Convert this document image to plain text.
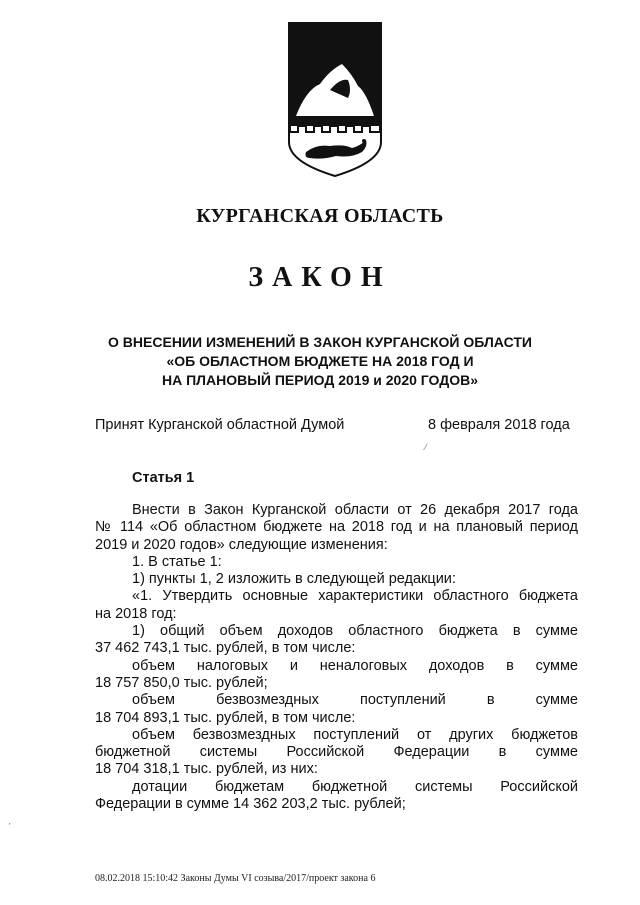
КУРГАНСКАЯ ОБЛАСТЬ
ЗАКОН
О ВНЕСЕНИИ ИЗМЕНЕНИЙ В ЗАКОН КУРГАНСКОЙ ОБЛАСТИ
«ОБ ОБЛАСТНОМ БЮДЖЕТЕ НА 2018 ГОД И
НА ПЛАНОВЫЙ ПЕРИОД 2019 и 2020 ГОДОВ»
Принят Курганской областной Думой	8 февраля 2018 года
⁄
Статья 1
Внести в Закон Курганской области от 26 декабря 2017 года
№ 114 «Об областном бюджете на 2018 год и на плановый период
2019 и 2020 годов» следующие изменения:
1. В статье 1:
1) пункты 1, 2 изложить в следующей редакции:
«1. Утвердить основные характеристики областного бюджета
на 2018 год:
1) общий объем доходов областного бюджета в сумме
37 462 743,1 тыс. рублей, в том числе:
объем налоговых и неналоговых доходов в сумме
18 757 850,0 тыс. рублей;
объем безвозмездных поступлений в сумме
18 704 893,1 тыс. рублей, в том числе:
объем безвозмездных поступлений от других бюджетов
бюджетной системы Российской Федерации в сумме
18 704 318,1 тыс. рублей, из них:
дотации бюджетам бюджетной системы Российской
Федерации в сумме 14 362 203,2 тыс. рублей;
'
08.02.2018 15:10:42 Законы Думы VI созыва/2017/проект закона 6
